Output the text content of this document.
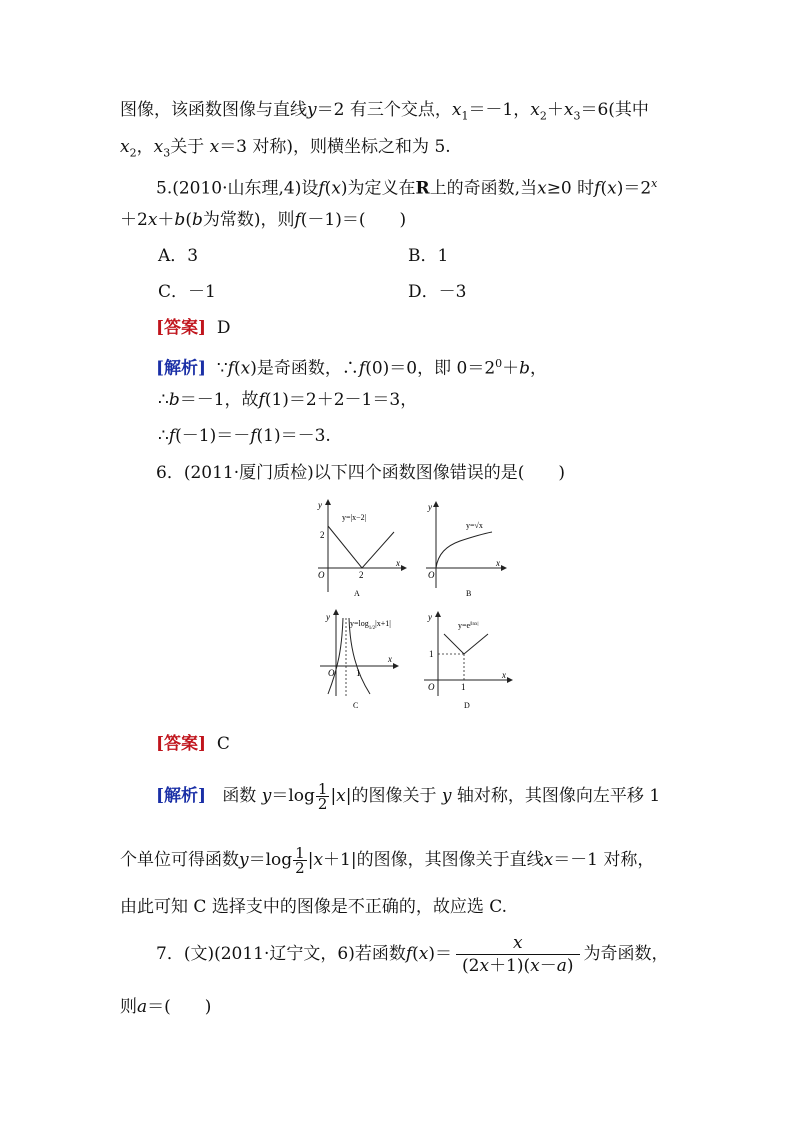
图像，该函数图像与直线y＝2 有三个交点，$x_1=-1$，$x_2+x_3=6$(其中
$x_2$，$x_3$关于 x＝3 对称)，则横坐标之和为 5.
5.(2010·山东理,4)设f(x)为定义在R上的奇函数,当x≥0 时$f(x)=2^x$
＋2x＋b(b为常数)，则f(－1)＝(　　)
A．3	B．1
C．－1	D．－3
[答案] D
[解析] ∵f(x)是奇函数，∴f(0)＝0，即 $0=2^0+b$，
∴b＝－1，故f(1)＝2＋2－1＝3，
∴f(－1)＝－f(1)＝－3.
6．(2011·厦门质检)以下四个函数图像错误的是(　　)
y
x
O
2
2
y=|x−2|
A
y
x
O
y=√x
B
y
x
O 1
$y=\log_{1/2}|x+1|$
C
y
x
O
1
1
$y=e^{|lnx|}$
D
[答案] C
[解析] 函数 $y=\log \frac{1}{2} |x|$的图像关于 y 轴对称，其图像向左平移 1
个单位可得函数$y=\log \frac{1}{2} |x+1|$的图像，其图像关于直线x＝－1 对称，
由此可知 C 选择支中的图像是不正确的，故应选 C.
7．(文)(2011·辽宁文，6)若函数$f(x)= \frac{x}{(2x+1)(x-a)}$ 为奇函数，
则a＝(　　)
